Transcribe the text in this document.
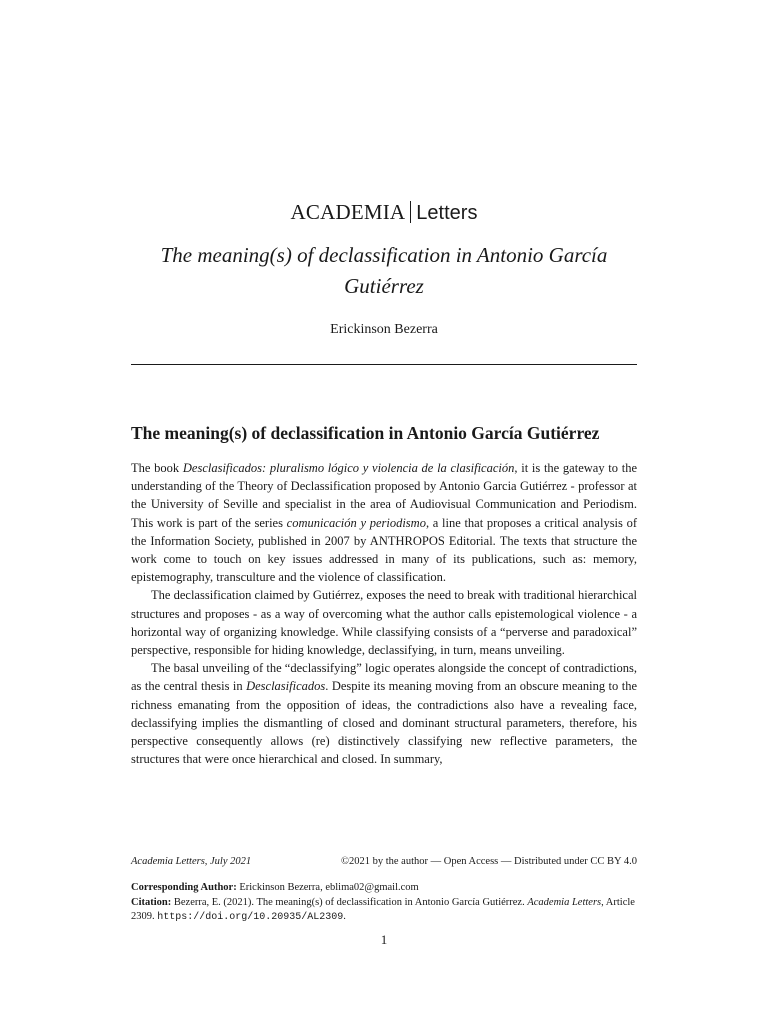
ACADEMIA Letters
The meaning(s) of declassification in Antonio García Gutiérrez
Erickinson Bezerra
The meaning(s) of declassification in Antonio García Gutiérrez

The book Desclasificados: pluralismo lógico y violencia de la clasificación, it is the gateway to the understanding of the Theory of Declassification proposed by Antonio Garcia Gutiérrez - professor at the University of Seville and specialist in the area of Audiovisual Communication and Periodism. This work is part of the series comunicación y periodismo, a line that proposes a critical analysis of the Information Society, published in 2007 by ANTHROPOS Editorial. The texts that structure the work come to touch on key issues addressed in many of its publications, such as: memory, epistemography, transculture and the violence of classification.

The declassification claimed by Gutiérrez, exposes the need to break with traditional hierarchical structures and proposes - as a way of overcoming what the author calls epistemological violence - a horizontal way of organizing knowledge. While classifying consists of a “perverse and paradoxical” perspective, responsible for hiding knowledge, declassifying, in turn, means unveiling.

The basal unveiling of the “declassifying” logic operates alongside the concept of contradictions, as the central thesis in Desclasificados. Despite its meaning moving from an obscure meaning to the richness emanating from the opposition of ideas, the contradictions also have a revealing face, declassifying implies the dismantling of closed and dominant structural parameters, therefore, his perspective consequently allows (re) distinctively classifying new reflective parameters, the structures that were once hierarchical and closed. In summary,

Academia Letters, July 2021	©2021 by the author — Open Access — Distributed under CC BY 4.0

Corresponding Author: Erickinson Bezerra, eblima02@gmail.com

Citation: Bezerra, E. (2021). The meaning(s) of declassification in Antonio García Gutiérrez. Academia Letters, Article 2309. https://doi.org/10.20935/AL2309.

1
